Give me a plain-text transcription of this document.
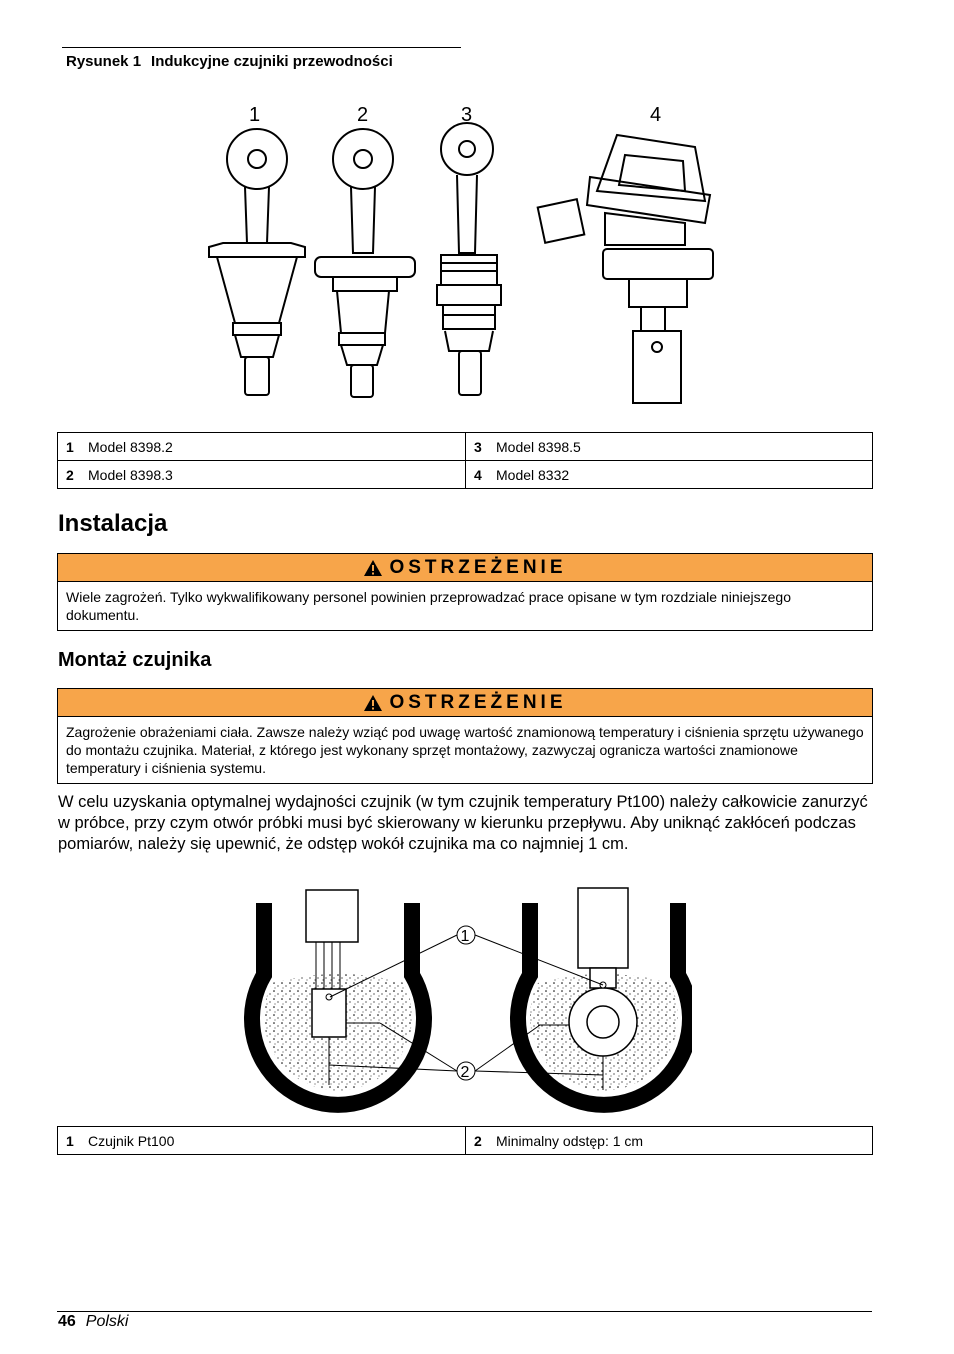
Rysunek 1 Indukcyjne czujniki przewodności
1	2	3	4
1 Model 8398.2	3 Model 8398.5
2 Model 8398.3	4 Model 8332
Instalacja
OSTRZEŻENIE
Wiele zagrożeń. Tylko wykwalifikowany personel powinien przeprowadzać prace opisane w tym rozdziale niniejszego dokumentu.
Montaż czujnika
OSTRZEŻENIE
Zagrożenie obrażeniami ciała. Zawsze należy wziąć pod uwagę wartość znamionową temperatury i ciśnienia sprzętu używanego do montażu czujnika. Materiał, z którego jest wykonany sprzęt montażowy, zazwyczaj ogranicza wartości znamionowe temperatury i ciśnienia systemu.
W celu uzyskania optymalnej wydajności czujnik (w tym czujnik temperatury Pt100) należy całkowicie zanurzyć w próbce, przy czym otwór próbki musi być skierowany w kierunku przepływu. Aby uniknąć zakłóceń podczas pomiarów, należy się upewnić, że odstęp wokół czujnika ma co najmniej 1 cm.
1
2
1 Czujnik Pt100	2 Minimalny odstęp: 1 cm
46 Polski
